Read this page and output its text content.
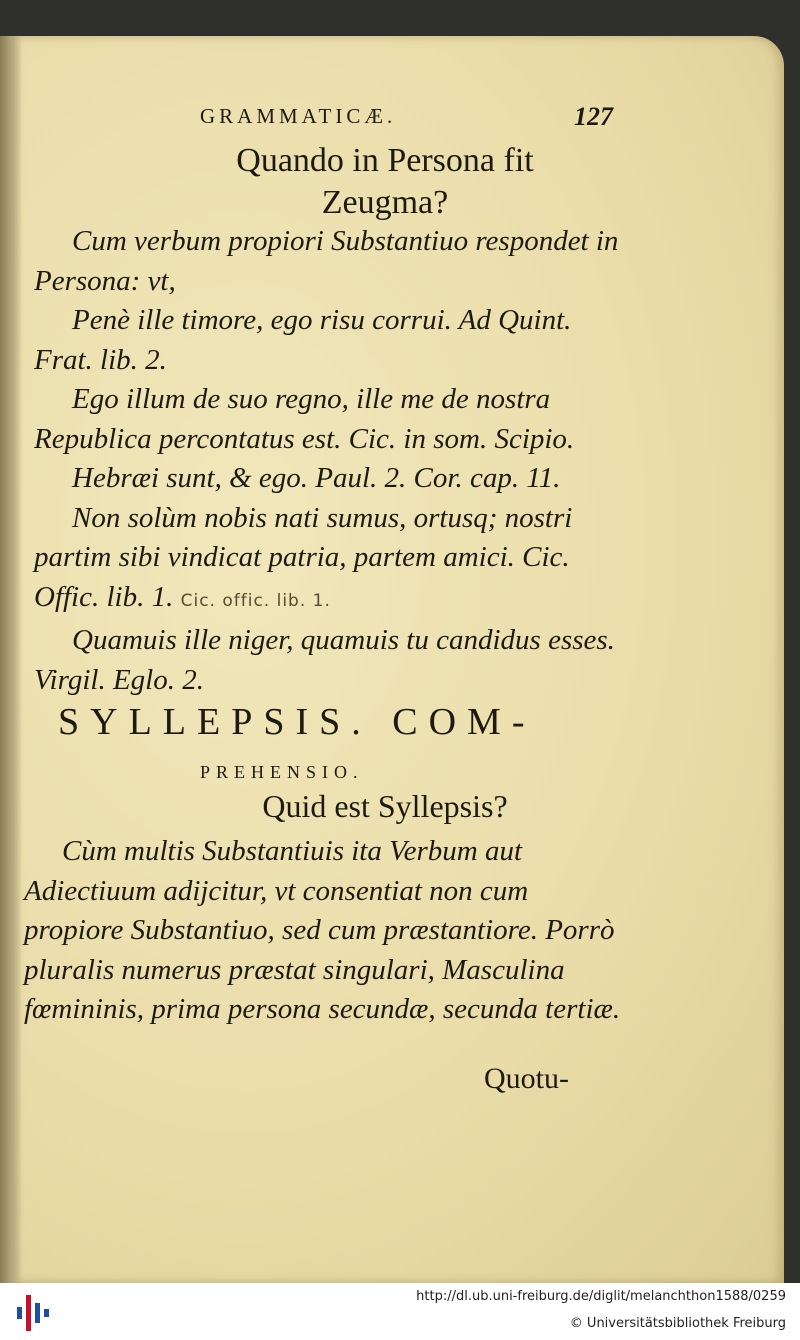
GRAMMATICÆ.	127
Quando in Persona fit
Zeugma?

Cum verbum propiori Substantiuo respondet in Persona: vt,

Penè ille timore, ego risu corrui. Ad Quint. Frat. lib. 2.

Ego illum de suo regno, ille me de nostra Republica percontatus est. Cic. in som. Scipio.

Hebræi sunt, & ego. Paul. 2. Cor. cap. 11.

Non solùm nobis nati sumus, ortusq; nostri partim sibi vindicat patria, partem amici. Cic. Offic. lib. 1. Cic. offic. lib. 1.

Quamuis ille niger, quamuis tu candidus esses. Virgil. Eglo. 2.

SYLLEPSIS. COM-
PREHENSIO.
Quid est Syllepsis?

Cùm multis Substantiuis ita Verbum aut Adiectiuum adijcitur, vt consentiat non cum propiore Substantiuo, sed cum præstantiore. Porrò pluralis numerus præstat singulari, Masculina fœmininis, prima persona secundæ, secunda tertiæ.

Quotu-
http://dl.ub.uni-freiburg.de/diglit/melanchthon1588/0259
© Universitätsbibliothek Freiburg
